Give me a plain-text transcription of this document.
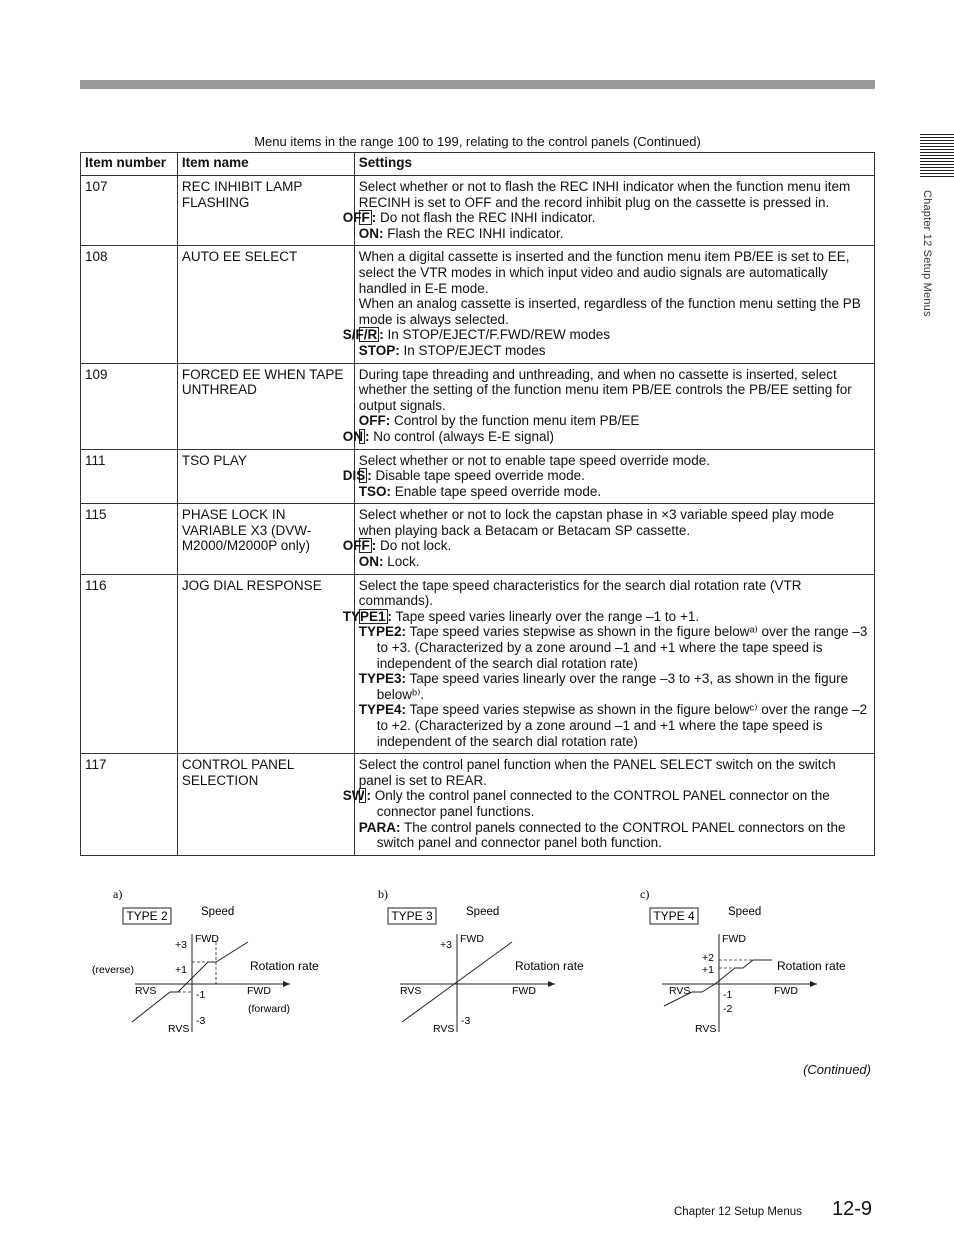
Chapter 12 Setup Menus
Menu items in the range 100 to 199, relating to the control panels (Continued)
Item number	Item name	Settings
107	REC INHIBIT LAMP FLASHING	Select whether or not to flash the REC INHI indicator when the function menu item RECINH is set to OFF and the record inhibit plug on the cassette is pressed in.
OFF : Do not flash the REC INHI indicator.
ON: Flash the REC INHI indicator.

108	AUTO EE SELECT	When a digital cassette is inserted and the function menu item PB/EE is set to EE, select the VTR modes in which input video and audio signals are automatically handled in E-E mode.
When an analog cassette is inserted, regardless of the function menu setting the PB mode is always selected.
S/F/R : In STOP/EJECT/F.FWD/REW modes
STOP: In STOP/EJECT modes

109	FORCED EE WHEN TAPE UNTHREAD	During tape threading and unthreading, and when no cassette is inserted, select whether the setting of the function menu item PB/EE controls the PB/EE setting for output signals.
OFF: Control by the function menu item PB/EE
ON : No control (always E-E signal)

111	TSO PLAY	Select whether or not to enable tape speed override mode.
DIS : Disable tape speed override mode.
TSO: Enable tape speed override mode.

115	PHASE LOCK IN VARIABLE X3 (DVW-M2000/M2000P only)	Select whether or not to lock the capstan phase in ×3 variable speed play mode when playing back a Betacam or Betacam SP cassette.
OFF : Do not lock.
ON: Lock.

116	JOG DIAL RESPONSE	Select the tape speed characteristics for the search dial rotation rate (VTR commands).
TYPE1 : Tape speed varies linearly over the range –1 to +1.
TYPE2: Tape speed varies stepwise as shown in the figure belowᵃ⁾ over the range –3 to +3. (Characterized by a zone around –1 and +1 where the tape speed is independent of the search dial rotation rate)
TYPE3: Tape speed varies linearly over the range –3 to +3, as shown in the figure belowᵇ⁾.
TYPE4: Tape speed varies stepwise as shown in the figure belowᶜ⁾ over the range –2 to +2. (Characterized by a zone around –1 and +1 where the tape speed is independent of the search dial rotation rate)

117	CONTROL PANEL SELECTION	Select the control panel function when the PANEL SELECT switch on the switch panel is set to REAR.
SW : Only the control panel connected to the CONTROL PANEL connector on the connector panel functions.
PARA: The control panels connected to the CONTROL PANEL connectors on the switch panel and connector panel both function.
a)
TYPE 2	Speed
Rotation rate
FWD
RVS	FWD
RVS
+3
+1
-1
-3
(reverse)
(forward)
b)
TYPE 3	Speed
Rotation rate
FWD
RVS	FWD
RVS
+3
-3
c)
TYPE 4	Speed
Rotation rate
FWD
RVS	FWD
RVS
+2
+1
-1
-2
(Continued)
Chapter 12 Setup Menus 12-9
